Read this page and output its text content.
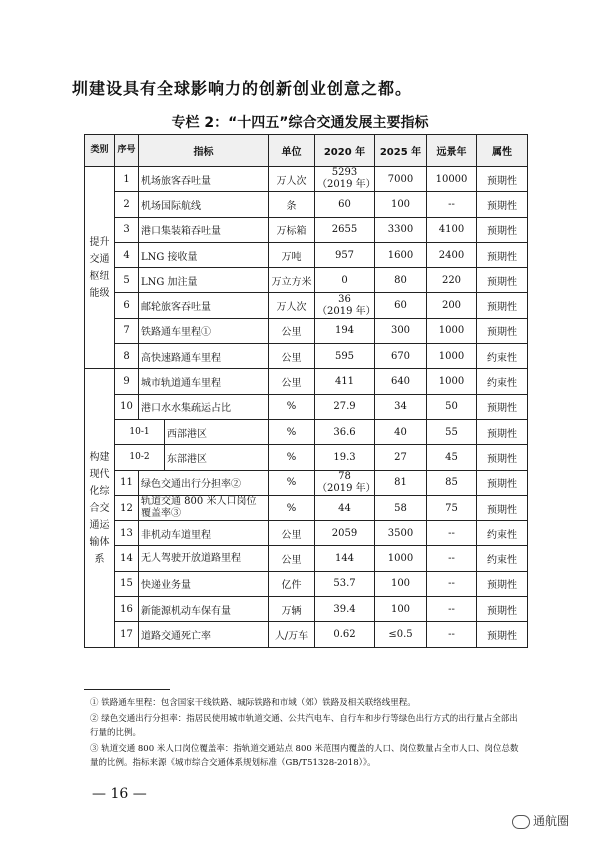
圳建设具有全球影响力的创新创业创意之都。
专栏 2：“十四五”综合交通发展主要指标
类别	序号	指标		单位	2020 年	2025 年	远景年	属性
提升交通枢纽能级	1	机场旅客吞吐量		万人次	5293
（2019 年）	7000	10000	预期性
	2	机场国际航线		条	60	100	--	预期性
	3	港口集装箱吞吐量		万标箱	2655	3300	4100	预期性
	4	LNG 接收量		万吨	957	1600	2400	预期性
	5	LNG 加注量		万立方米	0	80	220	预期性
	6	邮轮旅客吞吐量		万人次	36
（2019 年）	60	200	预期性
	7	铁路通车里程①		公里	194	300	1000	预期性
	8	高快速路通车里程		公里	595	670	1000	约束性
构建现代化综合交通运输体系	9	城市轨道通车里程		公里	411	640	1000	约束性
	10	港口水水集疏运占比		%	27.9	34	50	预期性
	10-1		西部港区	%	36.6	40	55	预期性
	10-2		东部港区	%	19.3	27	45	预期性
	11	绿色交通出行分担率②		%	78
（2019 年）	81	85	预期性
	12	轨道交通 800 米人口岗位覆盖率③		%	44	58	75	预期性
	13	非机动车道里程		公里	2059	3500	--	约束性
	14	无人驾驶开放道路里程		公里	144	1000	--	约束性
	15	快递业务量		亿件	53.7	100	--	预期性
	16	新能源机动车保有量		万辆	39.4	100	--	预期性
	17	道路交通死亡率		人/万车	0.62	≤0.5	--	预期性
① 铁路通车里程：包含国家干线铁路、城际铁路和市域（郊）铁路及相关联络线里程。
② 绿色交通出行分担率：指居民使用城市轨道交通、公共汽电车、自行车和步行等绿色出行方式的出行量占全部出行量的比例。
③ 轨道交通 800 米人口岗位覆盖率：指轨道交通站点 800 米范围内覆盖的人口、岗位数量占全市人口、岗位总数量的比例。指标来源《城市综合交通体系规划标准（GB/T51328-2018）》。
— 16 —
通航圈
